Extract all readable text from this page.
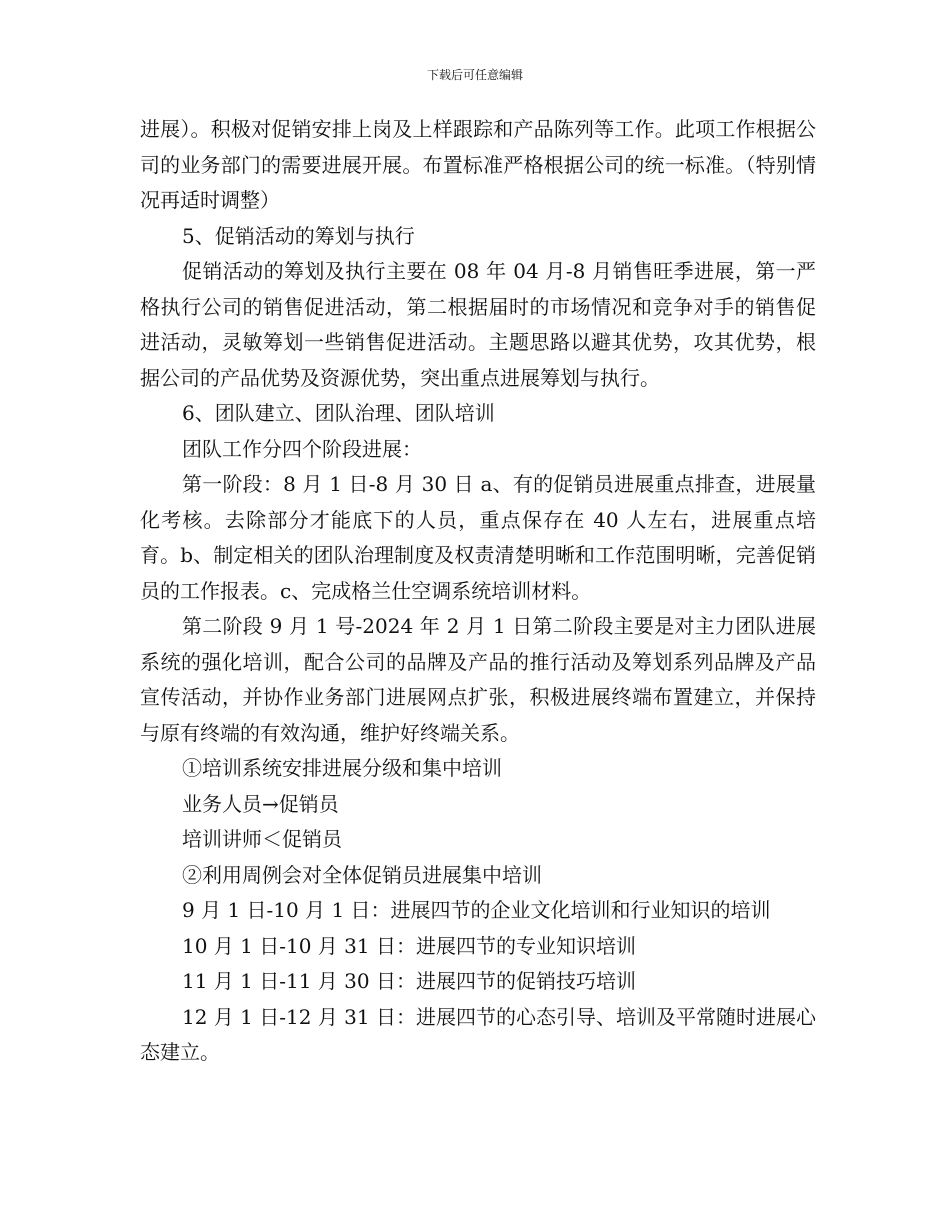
下载后可任意编辑

进展）。积极对促销安排上岗及上样跟踪和产品陈列等工作。此项工作根据公司的业务部门的需要进展开展。布置标准严格根据公司的统一标准。（特别情况再适时调整）

5、促销活动的筹划与执行

促销活动的筹划及执行主要在 08 年 04 月-8 月销售旺季进展，第一严格执行公司的销售促进活动，第二根据届时的市场情况和竞争对手的销售促进活动，灵敏筹划一些销售促进活动。主题思路以避其优势，攻其优势，根据公司的产品优势及资源优势，突出重点进展筹划与执行。

6、团队建立、团队治理、团队培训

团队工作分四个阶段进展：

第一阶段：8 月 1 日-8 月 30 日 a、有的促销员进展重点排查，进展量化考核。去除部分才能底下的人员，重点保存在 40 人左右，进展重点培育。b、制定相关的团队治理制度及权责清楚明晰和工作范围明晰，完善促销员的工作报表。c、完成格兰仕空调系统培训材料。

第二阶段 9 月 1 号-2024 年 2 月 1 日第二阶段主要是对主力团队进展系统的强化培训，配合公司的品牌及产品的推行活动及筹划系列品牌及产品宣传活动，并协作业务部门进展网点扩张，积极进展终端布置建立，并保持与原有终端的有效沟通，维护好终端关系。

①培训系统安排进展分级和集中培训

业务人员→促销员

培训讲师＜促销员

②利用周例会对全体促销员进展集中培训

9 月 1 日-10 月 1 日：进展四节的企业文化培训和行业知识的培训

10 月 1 日-10 月 31 日：进展四节的专业知识培训

11 月 1 日-11 月 30 日：进展四节的促销技巧培训

12 月 1 日-12 月 31 日：进展四节的心态引导、培训及平常随时进展心态建立。
